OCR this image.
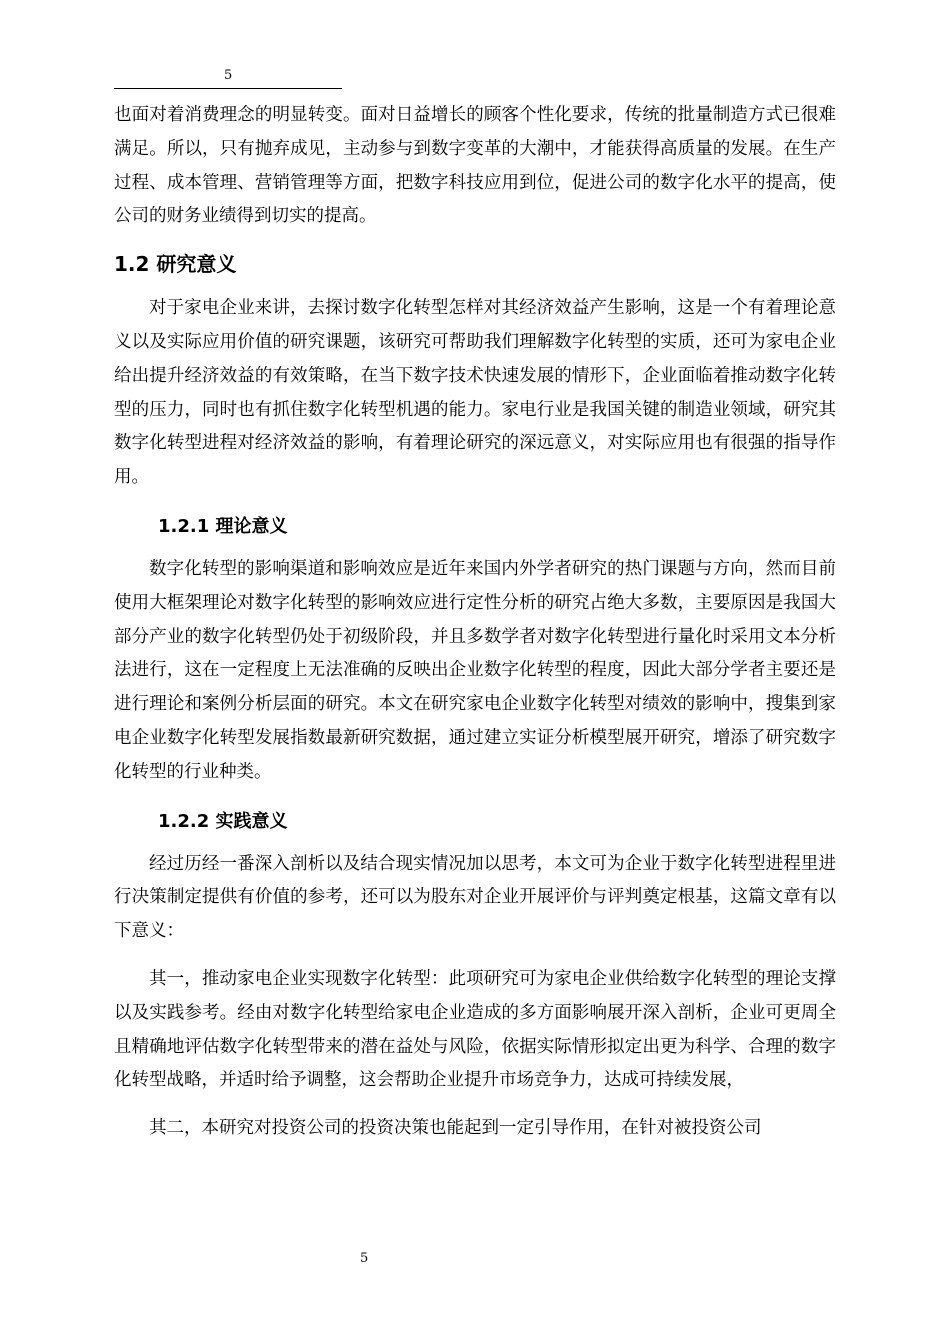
5

也面对着消费理念的明显转变。面对日益增长的顾客个性化要求，传统的批量制造方式已很难满足。所以，只有抛弃成见，主动参与到数字变革的大潮中，才能获得高质量的发展。在生产过程、成本管理、营销管理等方面，把数字科技应用到位，促进公司的数字化水平的提高，使公司的财务业绩得到切实的提高。

1.2 研究意义

对于家电企业来讲，去探讨数字化转型怎样对其经济效益产生影响，这是一个有着理论意义以及实际应用价值的研究课题，该研究可帮助我们理解数字化转型的实质，还可为家电企业给出提升经济效益的有效策略，在当下数字技术快速发展的情形下，企业面临着推动数字化转型的压力，同时也有抓住数字化转型机遇的能力。家电行业是我国关键的制造业领域，研究其数字化转型进程对经济效益的影响，有着理论研究的深远意义，对实际应用也有很强的指导作用。

1.2.1 理论意义

数字化转型的影响渠道和影响效应是近年来国内外学者研究的热门课题与方向，然而目前使用大框架理论对数字化转型的影响效应进行定性分析的研究占绝大多数，主要原因是我国大部分产业的数字化转型仍处于初级阶段，并且多数学者对数字化转型进行量化时采用文本分析法进行，这在一定程度上无法准确的反映出企业数字化转型的程度，因此大部分学者主要还是进行理论和案例分析层面的研究。本文在研究家电企业数字化转型对绩效的影响中，搜集到家电企业数字化转型发展指数最新研究数据，通过建立实证分析模型展开研究，增添了研究数字化转型的行业种类。

1.2.2 实践意义

经过历经一番深入剖析以及结合现实情况加以思考，本文可为企业于数字化转型进程里进行决策制定提供有价值的参考，还可以为股东对企业开展评价与评判奠定根基，这篇文章有以下意义：

其一，推动家电企业实现数字化转型：此项研究可为家电企业供给数字化转型的理论支撑以及实践参考。经由对数字化转型给家电企业造成的多方面影响展开深入剖析，企业可更周全且精确地评估数字化转型带来的潜在益处与风险，依据实际情形拟定出更为科学、合理的数字化转型战略，并适时给予调整，这会帮助企业提升市场竞争力，达成可持续发展，

其二，本研究对投资公司的投资决策也能起到一定引导作用，在针对被投资公司

5
